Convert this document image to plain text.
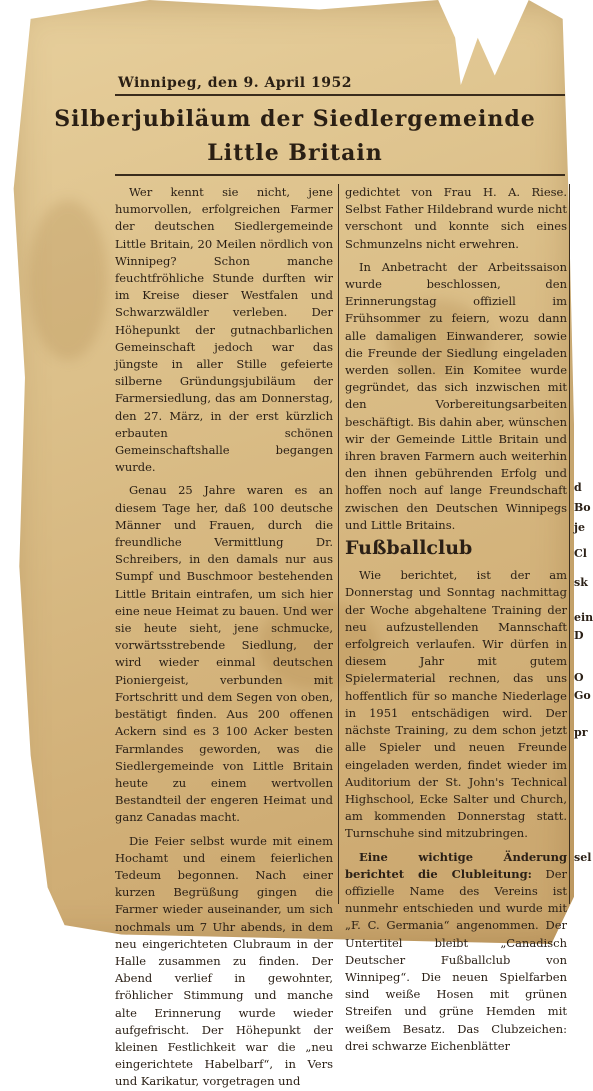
Winnipeg, den 9. April 1952
Silberjubiläum der Siedlergemeinde
Little Britain

Wer kennt sie nicht, jene humorvollen, erfolgreichen Farmer der deutschen Siedlergemeinde Little Britain, 20 Meilen nördlich von Winnipeg? Schon manche feuchtfröhliche Stunde durften wir im Kreise dieser Westfalen und Schwarzwäldler verleben. Der Höhepunkt der gutnachbarlichen Gemeinschaft jedoch war das jüngste in aller Stille gefeierte silberne Gründungsjubiläum der Farmersiedlung, das am Donnerstag, den 27. März, in der erst kürzlich erbauten schönen Gemeinschaftshalle begangen wurde.

Genau 25 Jahre waren es an diesem Tage her, daß 100 deutsche Männer und Frauen, durch die freundliche Vermittlung Dr. Schreibers, in den damals nur aus Sumpf und Buschmoor bestehenden Little Britain eintrafen, um sich hier eine neue Heimat zu bauen. Und wer sie heute sieht, jene schmucke, vorwärtsstrebende Siedlung, der wird wieder einmal deutschen Pioniergeist, verbunden mit Fortschritt und dem Segen von oben, bestätigt finden. Aus 200 offenen Ackern sind es 3 100 Acker besten Farmlandes geworden, was die Siedlergemeinde von Little Britain heute zu einem wertvollen Bestandteil der engeren Heimat und ganz Canadas macht.

Die Feier selbst wurde mit einem Hochamt und einem feierlichen Tedeum begonnen. Nach einer kurzen Begrüßung gingen die Farmer wieder auseinander, um sich nochmals um 7 Uhr abends, in dem neu eingerichteten Clubraum in der Halle zusammen zu finden. Der Abend verlief in gewohnter, fröhlicher Stimmung und manche alte Erinnerung wurde wieder aufgefrischt. Der Höhepunkt der kleinen Festlichkeit war die „neu eingerichtete Habelbarf“, in Vers und Karikatur, vorgetragen und

gedichtet von Frau H. A. Riese. Selbst Father Hildebrand wurde nicht verschont und konnte sich eines Schmunzelns nicht erwehren.

In Anbetracht der Arbeitssaison wurde beschlossen, den Erinnerungstag offiziell im Frühsommer zu feiern, wozu dann alle damaligen Einwanderer, sowie die Freunde der Siedlung eingeladen werden sollen. Ein Komitee wurde gegründet, das sich inzwischen mit den Vorbereitungsarbeiten beschäftigt. Bis dahin aber, wünschen wir der Gemeinde Little Britain und ihren braven Farmern auch weiterhin den ihnen gebührenden Erfolg und hoffen noch auf lange Freundschaft zwischen den Deutschen Winnipegs und Little Britains.

Fußballclub

Wie berichtet, ist der am Donnerstag und Sonntag nachmittag der Woche abgehaltene Training der neu aufzustellenden Mannschaft erfolgreich verlaufen. Wir dürfen in diesem Jahr mit gutem Spielermaterial rechnen, das uns hoffentlich für so manche Niederlage in 1951 entschädigen wird. Der nächste Training, zu dem schon jetzt alle Spieler und neuen Freunde eingeladen werden, findet wieder im Auditorium der St. John's Technical Highschool, Ecke Salter und Church, am kommenden Donnerstag statt. Turnschuhe sind mitzubringen.

Eine wichtige Änderung berichtet die Clubleitung: Der offizielle Name des Vereins ist nunmehr entschieden und wurde mit „F. C. Germania“ angenommen. Der Untertitel bleibt „Canadisch Deutscher Fußballclub von Winnipeg“. Die neuen Spielfarben sind weiße Hosen mit grünen Streifen und grüne Hemden mit weißem Besatz. Das Clubzeichen: drei schwarze Eichenblätter

d
Bo
je
Cl
sk
ein
D
O
Go
pr
sel
